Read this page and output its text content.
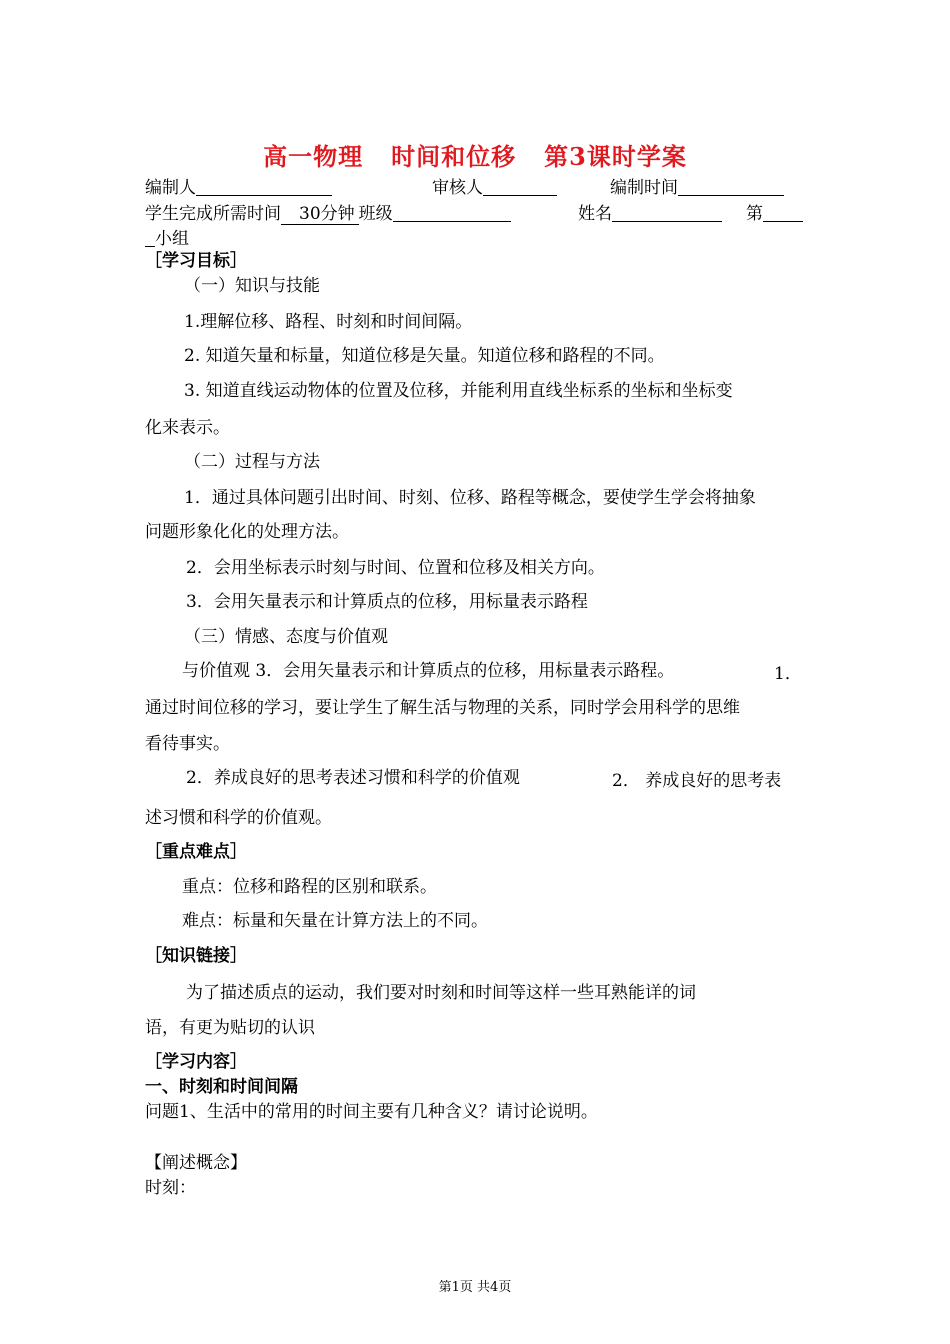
高一物理 时间和位移 第3课时学案
编制人	审核人	编制时间
学生完成所需时间 30分钟 班级	姓名	第
小组
［学习目标］
（一）知识与技能
1.理解位移、路程、时刻和时间间隔。
2. 知道矢量和标量，知道位移是矢量。知道位移和路程的不同。
3. 知道直线运动物体的位置及位移，并能利用直线坐标系的坐标和坐标变
化来表示。
（二）过程与方法
1．通过具体问题引出时间、时刻、位移、路程等概念，要使学生学会将抽象
问题形象化化的处理方法。
2．会用坐标表示时刻与时间、位置和位移及相关方向。
3．会用矢量表示和计算质点的位移，用标量表示路程
（三）情感、态度与价值观
与价值观 3．会用矢量表示和计算质点的位移，用标量表示路程。	1．
通过时间位移的学习，要让学生了解生活与物理的关系，同时学会用科学的思维
看待事实。
2．养成良好的思考表述习惯和科学的价值观	2． 养成良好的思考表
述习惯和科学的价值观。
［重点难点］
重点：位移和路程的区别和联系。
难点：标量和矢量在计算方法上的不同。
［知识链接］
为了描述质点的运动，我们要对时刻和时间等这样一些耳熟能详的词
语，有更为贴切的认识
［学习内容］
一、时刻和时间间隔
问题1、生活中的常用的时间主要有几种含义？请讨论说明。
【阐述概念】
时刻：
第1页 共4页
